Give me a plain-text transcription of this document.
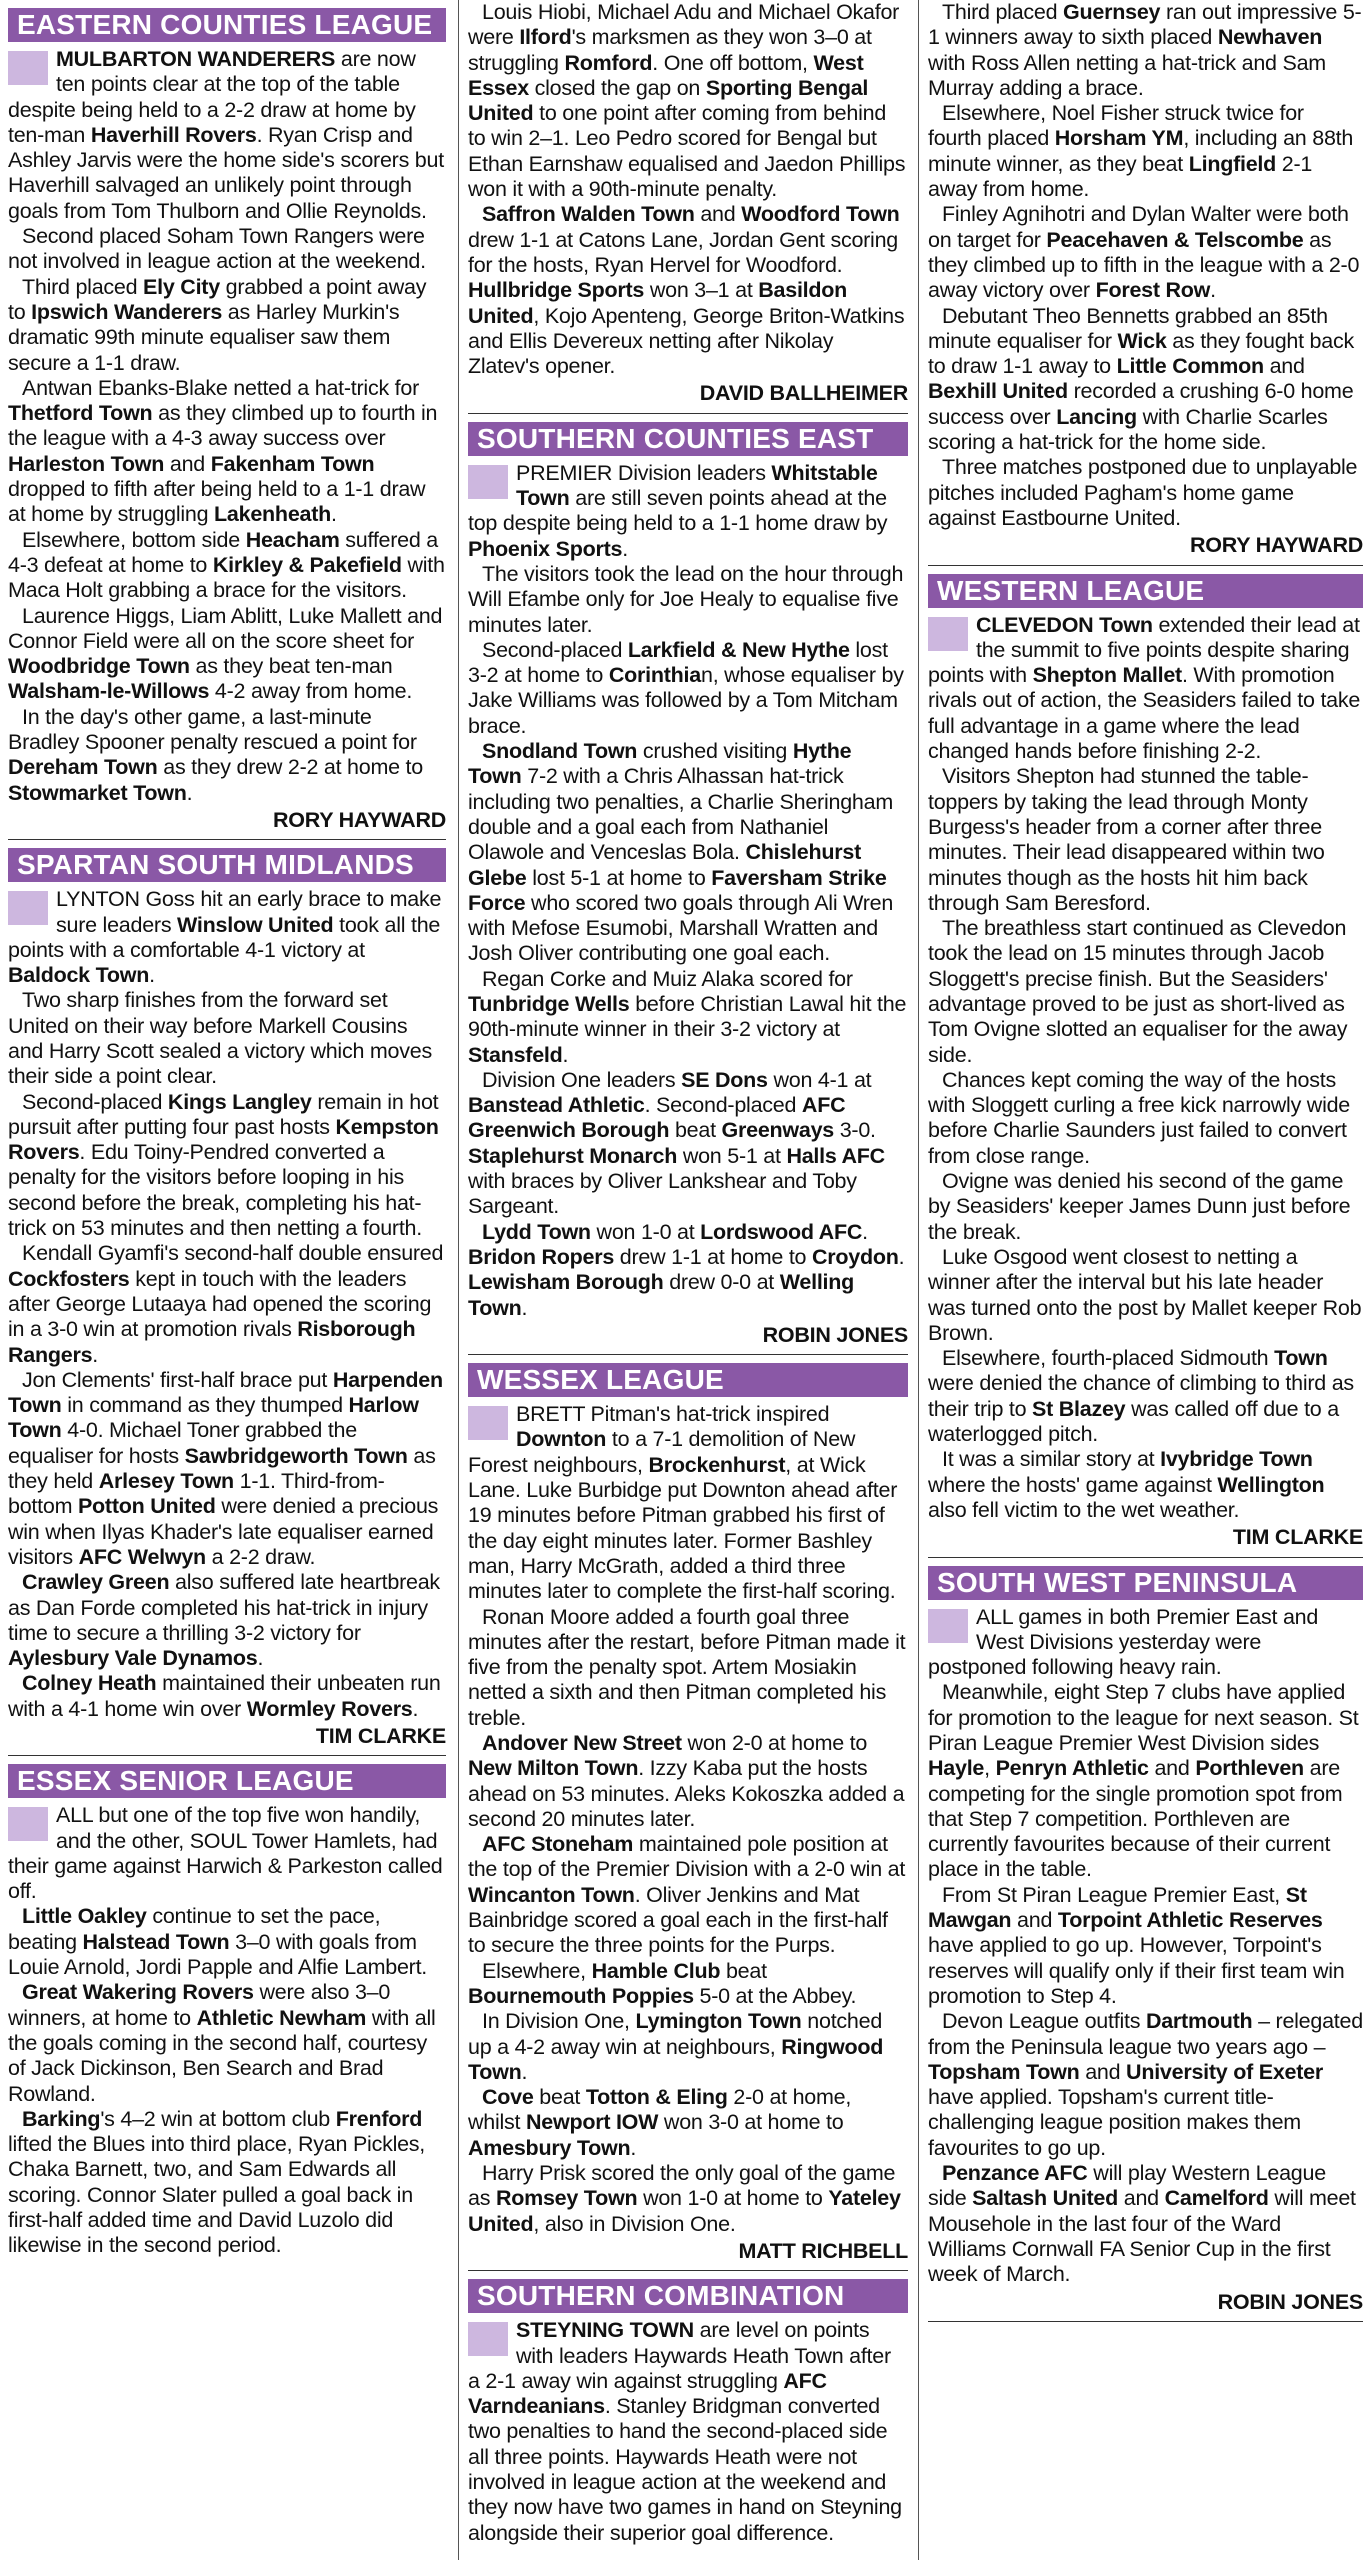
EASTERN COUNTIES LEAGUE

MULBARTON WANDERERS are now ten points clear at the top of the table despite being held to a 2-2 draw at home by ten-man Haverhill Rovers. Ryan Crisp and Ashley Jarvis were the home side's scorers but Haverhill salvaged an unlikely point through goals from Tom Thulborn and Ollie Reynolds.

Second placed Soham Town Rangers were not involved in league action at the weekend.

Third placed Ely City grabbed a point away to Ipswich Wanderers as Harley Murkin's dramatic 99th minute equaliser saw them secure a 1-1 draw.

Antwan Ebanks-Blake netted a hat-trick for Thetford Town as they climbed up to fourth in the league with a 4-3 away success over Harleston Town and Fakenham Town dropped to fifth after being held to a 1-1 draw at home by struggling Lakenheath.

Elsewhere, bottom side Heacham suffered a 4-3 defeat at home to Kirkley & Pakefield with Maca Holt grabbing a brace for the visitors.

Laurence Higgs, Liam Ablitt, Luke Mallett and Connor Field were all on the score sheet for Woodbridge Town as they beat ten-man Walsham-le-Willows 4-2 away from home.

In the day's other game, a last-minute Bradley Spooner penalty rescued a point for Dereham Town as they drew 2-2 at home to Stowmarket Town.

RORY HAYWARD
SPARTAN SOUTH MIDLANDS

LYNTON Goss hit an early brace to make sure leaders Winslow United took all the points with a comfortable 4-1 victory at Baldock Town.

Two sharp finishes from the forward set United on their way before Markell Cousins and Harry Scott sealed a victory which moves their side a point clear.

Second-placed Kings Langley remain in hot pursuit after putting four past hosts Kempston Rovers. Edu Toiny-Pendred converted a penalty for the visitors before looping in his second before the break, completing his hat-trick on 53 minutes and then netting a fourth.

Kendall Gyamfi's second-half double ensured Cockfosters kept in touch with the leaders after George Lutaaya had opened the scoring in a 3-0 win at promotion rivals Risborough Rangers.

Jon Clements' first-half brace put Harpenden Town in command as they thumped Harlow Town 4-0. Michael Toner grabbed the equaliser for hosts Sawbridgeworth Town as they held Arlesey Town 1-1. Third-from-bottom Potton United were denied a precious win when Ilyas Khader's late equaliser earned visitors AFC Welwyn a 2-2 draw.

Crawley Green also suffered late heartbreak as Dan Forde completed his hat-trick in injury time to secure a thrilling 3-2 victory for Aylesbury Vale Dynamos.

Colney Heath maintained their unbeaten run with a 4-1 home win over Wormley Rovers.

TIM CLARKE
ESSEX SENIOR LEAGUE

ALL but one of the top five won handily, and the other, SOUL Tower Hamlets, had their game against Harwich & Parkeston called off.

Little Oakley continue to set the pace, beating Halstead Town 3–0 with goals from Louie Arnold, Jordi Papple and Alfie Lambert.

Great Wakering Rovers were also 3–0 winners, at home to Athletic Newham with all the goals coming in the second half, courtesy of Jack Dickinson, Ben Search and Brad Rowland.

Barking's 4–2 win at bottom club Frenford lifted the Blues into third place, Ryan Pickles, Chaka Barnett, two, and Sam Edwards all scoring. Connor Slater pulled a goal back in first-half added time and David Luzolo did likewise in the second period.

Louis Hiobi, Michael Adu and Michael Okafor were Ilford's marksmen as they won 3–0 at struggling Romford. One off bottom, West Essex closed the gap on Sporting Bengal United to one point after coming from behind to win 2–1. Leo Pedro scored for Bengal but Ethan Earnshaw equalised and Jaedon Phillips won it with a 90th-minute penalty.

Saffron Walden Town and Woodford Town drew 1-1 at Catons Lane, Jordan Gent scoring for the hosts, Ryan Hervel for Woodford. Hullbridge Sports won 3–1 at Basildon United, Kojo Apenteng, George Briton-Watkins and Ellis Devereux netting after Nikolay Zlatev's opener.

DAVID BALLHEIMER
SOUTHERN COUNTIES EAST

PREMIER Division leaders Whitstable Town are still seven points ahead at the top despite being held to a 1-1 home draw by Phoenix Sports.

The visitors took the lead on the hour through Will Efambe only for Joe Healy to equalise five minutes later.

Second-placed Larkfield & New Hythe lost 3-2 at home to Corinthian, whose equaliser by Jake Williams was followed by a Tom Mitcham brace.

Snodland Town crushed visiting Hythe Town 7-2 with a Chris Alhassan hat-trick including two penalties, a Charlie Sheringham double and a goal each from Nathaniel Olawole and Venceslas Bola. Chislehurst Glebe lost 5-1 at home to Faversham Strike Force who scored two goals through Ali Wren with Mefose Esumobi, Marshall Wratten and Josh Oliver contributing one goal each.

Regan Corke and Muiz Alaka scored for Tunbridge Wells before Christian Lawal hit the 90th-minute winner in their 3-2 victory at Stansfeld.

Division One leaders SE Dons won 4-1 at Banstead Athletic. Second-placed AFC Greenwich Borough beat Greenways 3-0. Staplehurst Monarch won 5-1 at Halls AFC with braces by Oliver Lankshear and Toby Sargeant.

Lydd Town won 1-0 at Lordswood AFC. Bridon Ropers drew 1-1 at home to Croydon. Lewisham Borough drew 0-0 at Welling Town.

ROBIN JONES
WESSEX LEAGUE

BRETT Pitman's hat-trick inspired Downton to a 7-1 demolition of New Forest neighbours, Brockenhurst, at Wick Lane. Luke Burbidge put Downton ahead after 19 minutes before Pitman grabbed his first of the day eight minutes later. Former Bashley man, Harry McGrath, added a third three minutes later to complete the first-half scoring.

Ronan Moore added a fourth goal three minutes after the restart, before Pitman made it five from the penalty spot. Artem Mosiakin netted a sixth and then Pitman completed his treble.

Andover New Street won 2-0 at home to New Milton Town. Izzy Kaba put the hosts ahead on 53 minutes. Aleks Kokoszka added a second 20 minutes later.

AFC Stoneham maintained pole position at the top of the Premier Division with a 2-0 win at Wincanton Town. Oliver Jenkins and Mat Bainbridge scored a goal each in the first-half to secure the three points for the Purps.

Elsewhere, Hamble Club beat Bournemouth Poppies 5-0 at the Abbey.

In Division One, Lymington Town notched up a 4-2 away win at neighbours, Ringwood Town.

Cove beat Totton & Eling 2-0 at home, whilst Newport IOW won 3-0 at home to Amesbury Town.

Harry Prisk scored the only goal of the game as Romsey Town won 1-0 at home to Yateley United, also in Division One.

MATT RICHBELL
SOUTHERN COMBINATION

STEYNING TOWN are level on points with leaders Haywards Heath Town after a 2-1 away win against struggling AFC Varndeanians. Stanley Bridgman converted two penalties to hand the second-placed side all three points. Haywards Heath were not involved in league action at the weekend and they now have two games in hand on Steyning alongside their superior goal difference.

Third placed Guernsey ran out impressive 5-1 winners away to sixth placed Newhaven with Ross Allen netting a hat-trick and Sam Murray adding a brace.

Elsewhere, Noel Fisher struck twice for fourth placed Horsham YM, including an 88th minute winner, as they beat Lingfield 2-1 away from home.

Finley Agnihotri and Dylan Walter were both on target for Peacehaven & Telscombe as they climbed up to fifth in the league with a 2-0 away victory over Forest Row.

Debutant Theo Bennetts grabbed an 85th minute equaliser for Wick as they fought back to draw 1-1 away to Little Common and Bexhill United recorded a crushing 6-0 home success over Lancing with Charlie Scarles scoring a hat-trick for the home side.

Three matches postponed due to unplayable pitches included Pagham's home game against Eastbourne United.

RORY HAYWARD
WESTERN LEAGUE

CLEVEDON Town extended their lead at the summit to five points despite sharing points with Shepton Mallet. With promotion rivals out of action, the Seasiders failed to take full advantage in a game where the lead changed hands before finishing 2-2.

Visitors Shepton had stunned the table-toppers by taking the lead through Monty Burgess's header from a corner after three minutes. Their lead disappeared within two minutes though as the hosts hit him back through Sam Beresford.

The breathless start continued as Clevedon took the lead on 15 minutes through Jacob Sloggett's precise finish. But the Seasiders' advantage proved to be just as short-lived as Tom Ovigne slotted an equaliser for the away side.

Chances kept coming the way of the hosts with Sloggett curling a free kick narrowly wide before Charlie Saunders just failed to convert from close range.

Ovigne was denied his second of the game by Seasiders' keeper James Dunn just before the break.

Luke Osgood went closest to netting a winner after the interval but his late header was turned onto the post by Mallet keeper Rob Brown.

Elsewhere, fourth-placed Sidmouth Town were denied the chance of climbing to third as their trip to St Blazey was called off due to a waterlogged pitch.

It was a similar story at Ivybridge Town where the hosts' game against Wellington also fell victim to the wet weather.

TIM CLARKE
SOUTH WEST PENINSULA

ALL games in both Premier East and West Divisions yesterday were postponed following heavy rain.

Meanwhile, eight Step 7 clubs have applied for promotion to the league for next season. St Piran League Premier West Division sides Hayle, Penryn Athletic and Porthleven are competing for the single promotion spot from that Step 7 competition. Porthleven are currently favourites because of their current place in the table.

From St Piran League Premier East, St Mawgan and Torpoint Athletic Reserves have applied to go up. However, Torpoint's reserves will qualify only if their first team win promotion to Step 4.

Devon League outfits Dartmouth – relegated from the Peninsula league two years ago – Topsham Town and University of Exeter have applied. Topsham's current title-challenging league position makes them favourites to go up.

Penzance AFC will play Western League side Saltash United and Camelford will meet Mousehole in the last four of the Ward Williams Cornwall FA Senior Cup in the first week of March.

ROBIN JONES
